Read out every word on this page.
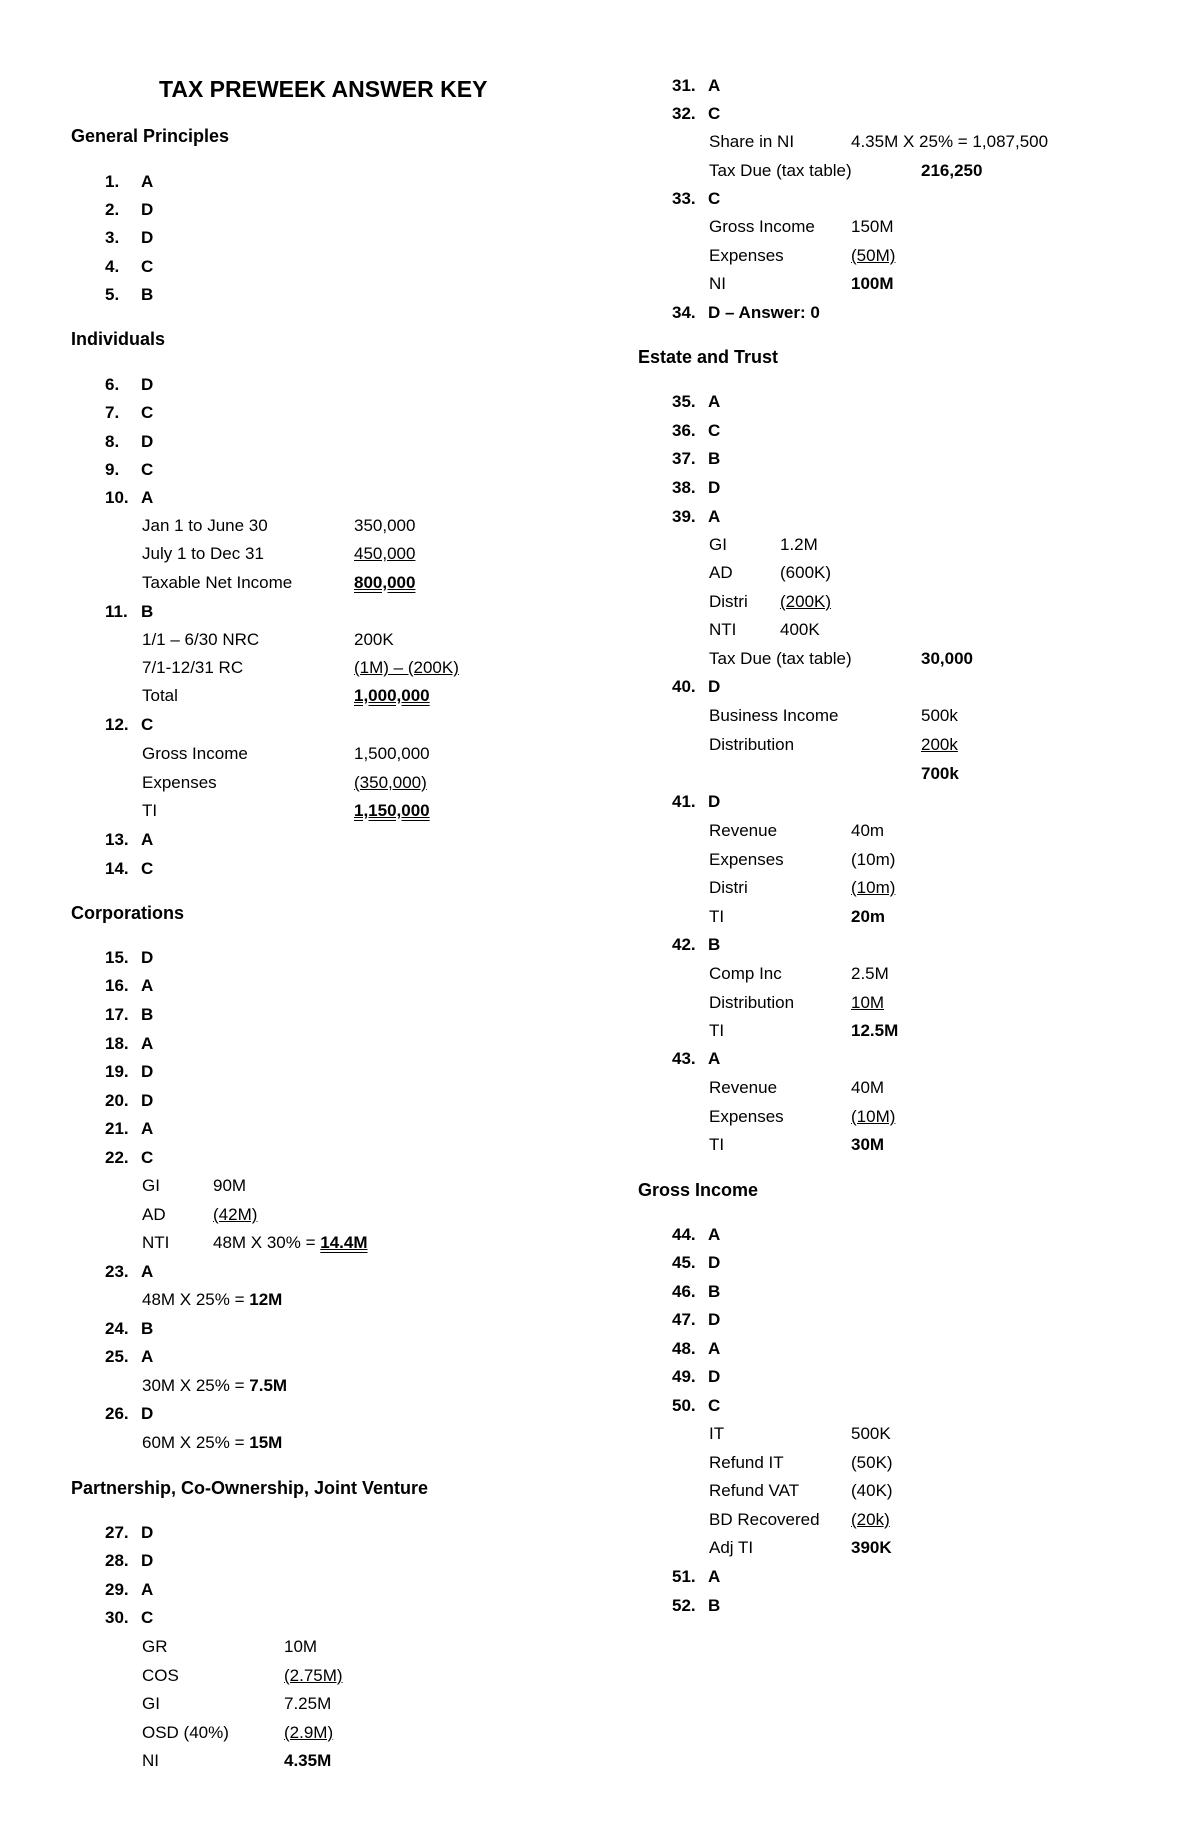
TAX PREWEEK ANSWER KEY
General Principles
1. A
2. D
3. D
4. C
5. B
Individuals
6. D
7. C
8. D
9. C
10. A
Jan 1 to June 30	350,000
July 1 to Dec 31	450,000
Taxable Net Income	800,000
11. B
1/1 – 6/30 NRC	200K
7/1-12/31 RC	(1M) – (200K)
Total	1,000,000
12. C
Gross Income	1,500,000
Expenses	(350,000)
TI	1,150,000
13. A
14. C
Corporations
15. D
16. A
17. B
18. A
19. D
20. D
21. A
22. C
GI	90M
AD	(42M)
NTI	48M X 30% = 14.4M
23. A
48M X 25% = 12M
24. B
25. A
30M X 25% = 7.5M
26. D
60M X 25% = 15M
Partnership, Co-Ownership, Joint Venture
27. D
28. D
29. A
30. C
GR	10M
COS	(2.75M)
GI	7.25M
OSD (40%)	(2.9M)
NI	4.35M
31. A
32. C
Share in NI	4.35M X 25% = 1,087,500
Tax Due (tax table)	216,250
33. C
Gross Income 150M
Expenses	(50M)
NI	100M
34. D – Answer: 0
Estate and Trust
35. A
36. C
37. B
38. D
39. A
GI	1.2M
AD	(600K)
Distri (200K)
NTI	400K
Tax Due (tax table)	30,000
40. D
Business Income	500k
Distribution	200k
700k
41. D
Revenue	40m
Expenses	(10m)
Distri	(10m)
TI	20m
42. B
Comp Inc	2.5M
Distribution	10M
TI	12.5M
43. A
Revenue	40M
Expenses	(10M)
TI	30M
Gross Income
44. A
45. D
46. B
47. D
48. A
49. D
50. C
IT	500K
Refund IT	(50K)
Refund VAT	(40K)
BD Recovered (20k)
Adj TI	390K
51. A
52. B
